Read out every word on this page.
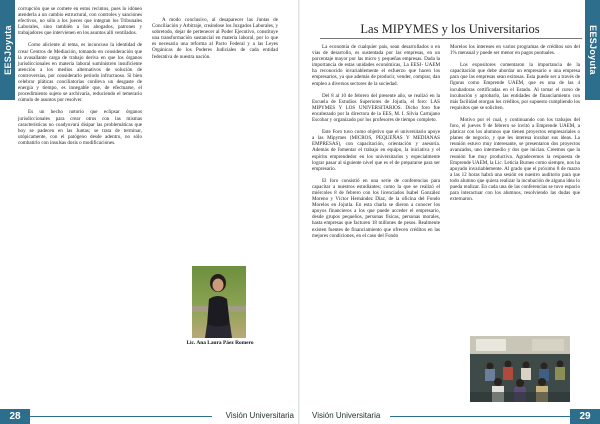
EESJoyuta

corrupción que se comete en estos recintos, pues lo idóneo atenderla a un cambio estructural, con controles y sanciones efectivos, no sólo a los jueces que integran los Tribunales Laborales, sino también a los abogados, patrones y trabajadores que intervienen en los asuntos allí ventilados.

Como aliciente al tema, es inconcuso la identidad de crear Centros de Mediación, tomando en consideración que la avasallante carga de trabajo deriva en que los órganos jurisdiccionales en materia laboral suministren insuficiente atención a los medios alternativos de solución de controversias, por considerarlo periodo infructuoso. Si bien celebrar pláticas conciliatorias conlleva un desgaste de energía y tiempo, es innegable que, de efectuarse, el procedimiento sujeto se archivaría, reduciendo el temerario cúmulo de asuntos por resolver.

Es un hecho notorio que eclipsar órganos jurisdiccionales para crear otros con las mismas características no coadyuvará disipar las problemáticas que hoy se padecen en las Juntas; se trata de terminar, utópicamente, con el patógeno desde adentro, no sólo combatirlo con insulsas dosis o modificaciones.

A modo conclusivo, al desaparecer las Juntas de Conciliación y Arbitraje, creándose los Juzgados Laborales, y sobretodo, dejar de pertenecer al Poder Ejecutivo, constituye una transformación sustancial en materia laboral, por lo que es necesaria una reforma al Pacto Federal y a las Leyes Orgánicas de los Poderes Judiciales de cada entidad federativa de nuestra nación.

Lic. Ana Laura Páez Romero
28	Visión Universitaria
EESJoyuta
Las MIPYMES y los Universitarios

La economía de cualquier país, sean desarrollados o en vías de desarrollo, es sustentada por las empresas, en un porcentaje mayor por las micro y pequeñas empresas. Dada la importancia de estas unidades económicas, La EESJ- UAEM ha reconocido invariablemente el esfuerzo que hacen los empresarios, ya que además de producir, vender, comprar, dan empleo a diversos sectores de la sociedad.

Del 8 al 10 de febrero del presente año, se realizó en la Escuela de Estudios Superiores de Jojutla, el foro: LAS MIPYMES Y LOS UNIVERSITARIOS. Dicho foro fue encabezado por la directora de la EES, M. I. Silvia Cartujano Escobar y organizado por los profesores de tiempo completo.

Este Foro tuvo como objetivo que el universitario apoye a las Mipymes (MICROS, PEQUEÑAS Y MEDIANAS EMPRESAS), con capacitación, orientación y asesoría. Además de fomentar el trabajo en equipo, la iniciativa y el espíritu emprendedor en los universitarios y especialmente lograr pasar al siguiente nivel que es el de prepararse para ser empresario.

El foro consistió en una serie de conferencias para capacitar a nuestros estudiantes; como la que se realizó el miércoles 8 de febrero con los licenciados Isabel González Moreno y Víctor Hernández Díaz, de la oficina del Fondo Morelos en Jojutla. En esta charla se dieron a conocer los apoyos financieros a los que puede acceder el empresario, desde grupos pequeños, personas físicas, personas morales, hasta empresas que facturen 18 millones de pesos. Realmente existen fuentes de financiamiento que ofrecen créditos en las mejores condiciones, en el caso del Fondo

Morelos los intereses en varios programas de créditos son del 1% mensual y puede ser menor en pagos puntuales.

Los expositores comentaron la importancia de la capacitación que debe abordar un empresario o una empresa para que las empresas sean exitosas. Esta puede ser a través de figuras como Emprende UAEM, que es una de las 4 incubadoras certificadas en el Estado. Al tomar el curso de incubación y aprobarlo, las entidades de financiamiento con más facilidad otorgan los créditos, por supuesto cumpliendo los requisitos que se soliciten.

Motivo por el cual, y continuando con los trabajos del foro, el jueves 9 de febrero se invitó a Emprende UAEM, a platicar con los alumnos que tienen proyectos empresariales o planes de negocio, y que les interesa incubar sus ideas. La reunión estuvo muy interesante, se presentaron dos proyectos avanzados, uno intermedio y dos que inician. Creemos que la reunión fue muy productiva. Agradecemos la respuesta de Emprende UAEM, la Lic. Leticia Burnes como siempre, nos ha apoyado invariablemente. Al grado que el próximo 8 de marzo a las 12 horas habrá una sesión en nuestro auditorio para que todo alumno que quiera realizar la incubación de alguna idea lo pueda realizar. En cada una de las conferencias se tuvo espacio para interactuar con los alumnos, resolviendo las dudas que externaron.

Visión Universitaria	29
